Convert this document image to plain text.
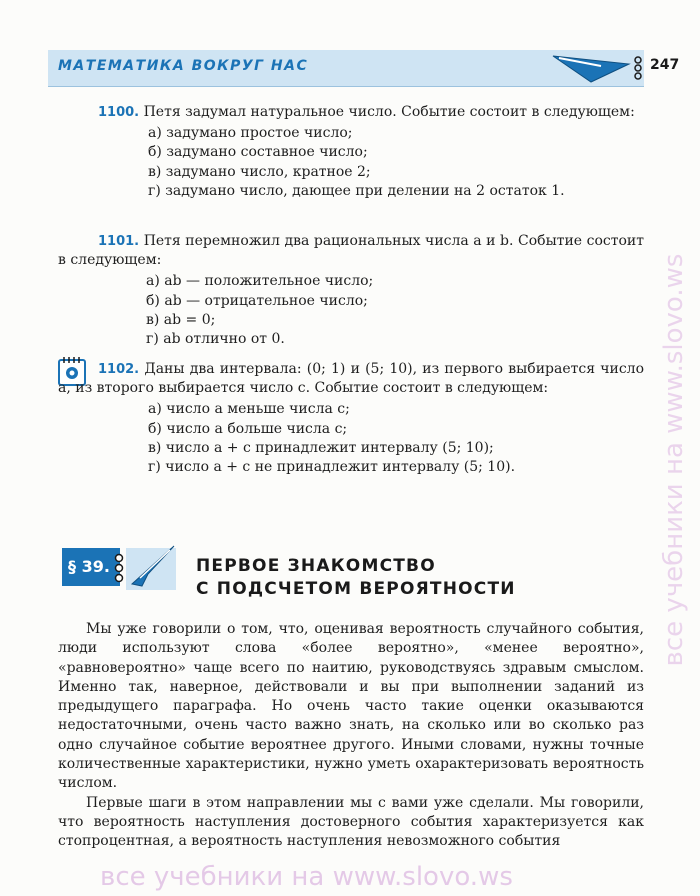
МАТЕМАТИКА ВОКРУГ НАС	247

1100. Петя задумал натуральное число. Событие состоит в следующем:

а) задумано простое число;
б) задумано составное число;
в) задумано число, кратное 2;
г) задумано число, дающее при делении на 2 остаток 1.

1101. Петя перемножил два рациональных числа a и b. Событие состоит в следующем:

а) ab — положительное число;
б) ab — отрицательное число;
в) ab = 0;
г) ab отлично от 0.

1102. Даны два интервала: (0; 1) и (5; 10), из первого выбирается число a, из второго выбирается число c. Событие состоит в следующем:

а) число a меньше числа c;
б) число a больше числа c;
в) число a + c принадлежит интервалу (5; 10);
г) число a + c не принадлежит интервалу (5; 10).
§ 39.	ПЕРВОЕ ЗНАКОМСТВО
С ПОДСЧЕТОМ ВЕРОЯТНОСТИ

Мы уже говорили о том, что, оценивая вероятность случайного события, люди используют слова «более вероятно», «менее вероятно», «равновероятно» чаще всего по наитию, руководствуясь здравым смыслом. Именно так, наверное, действовали и вы при выполнении заданий из предыдущего параграфа. Но очень часто такие оценки оказываются недостаточными, очень часто важно знать, на сколько или во сколько раз одно случайное событие вероятнее другого. Иными словами, нужны точные количественные характеристики, нужно уметь охарактеризовать вероятность числом.

Первые шаги в этом направлении мы с вами уже сделали. Мы говорили, что вероятность наступления достоверного события характеризуется как стопроцентная, а вероятность наступления невозможного события

все учебники на www.slovo.ws
все учебники на www.slovo.ws
